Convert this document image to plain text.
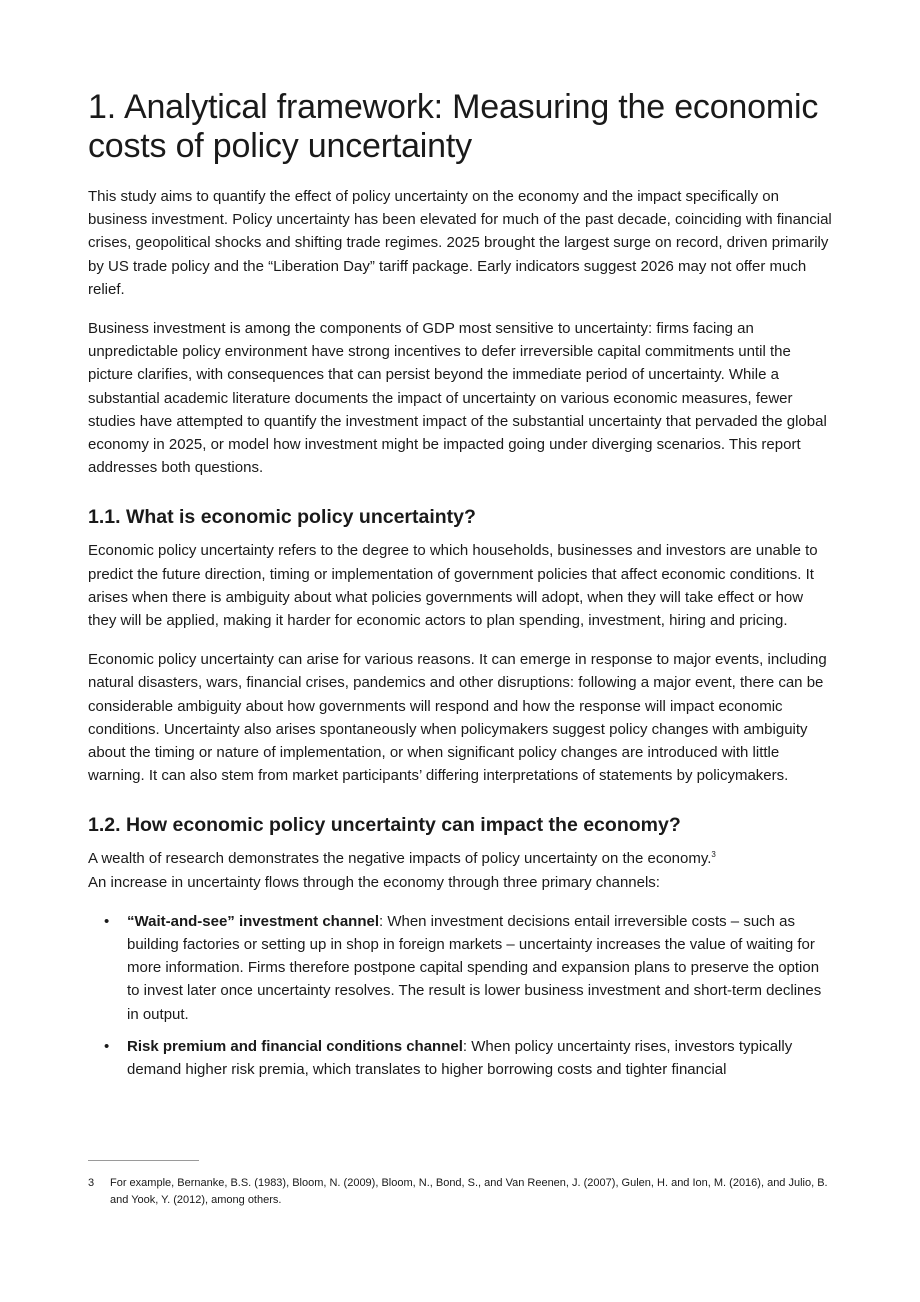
1. Analytical framework: Measuring the economic costs of policy uncertainty

This study aims to quantify the effect of policy uncertainty on the economy and the impact specifically on business investment. Policy uncertainty has been elevated for much of the past decade, coinciding with financial crises, geopolitical shocks and shifting trade regimes. 2025 brought the largest surge on record, driven primarily by US trade policy and the “Liberation Day” tariff package. Early indicators suggest 2026 may not offer much relief.

Business investment is among the components of GDP most sensitive to uncertainty: firms facing an unpredictable policy environment have strong incentives to defer irreversible capital commitments until the picture clarifies, with consequences that can persist beyond the immediate period of uncertainty. While a substantial academic literature documents the impact of uncertainty on various economic measures, fewer studies have attempted to quantify the investment impact of the substantial uncertainty that pervaded the global economy in 2025, or model how investment might be impacted going under diverging scenarios. This report addresses both questions.

1.1. What is economic policy uncertainty?

Economic policy uncertainty refers to the degree to which households, businesses and investors are unable to predict the future direction, timing or implementation of government policies that affect economic conditions. It arises when there is ambiguity about what policies governments will adopt, when they will take effect or how they will be applied, making it harder for economic actors to plan spending, investment, hiring and pricing.

Economic policy uncertainty can arise for various reasons. It can emerge in response to major events, including natural disasters, wars, financial crises, pandemics and other disruptions: following a major event, there can be considerable ambiguity about how governments will respond and how the response will impact economic conditions. Uncertainty also arises spontaneously when policymakers suggest policy changes with ambiguity about the timing or nature of implementation, or when significant policy changes are introduced with little warning. It can also stem from market participants’ differing interpretations of statements by policymakers.

1.2. How economic policy uncertainty can impact the economy?

A wealth of research demonstrates the negative impacts of policy uncertainty on the economy.$^3$
An increase in uncertainty flows through the economy through three primary channels:

• “Wait-and-see” investment channel: When investment decisions entail irreversible costs – such as building factories or setting up in shop in foreign markets – uncertainty increases the value of waiting for more information. Firms therefore postpone capital spending and expansion plans to preserve the option to invest later once uncertainty resolves. The result is lower business investment and short-term declines in output.
• Risk premium and financial conditions channel: When policy uncertainty rises, investors typically demand higher risk premia, which translates to higher borrowing costs and tighter financial
3	For example, Bernanke, B.S. (1983), Bloom, N. (2009), Bloom, N., Bond, S., and Van Reenen, J. (2007), Gulen, H. and Ion, M. (2016), and Julio, B. and Yook, Y. (2012), among others.
